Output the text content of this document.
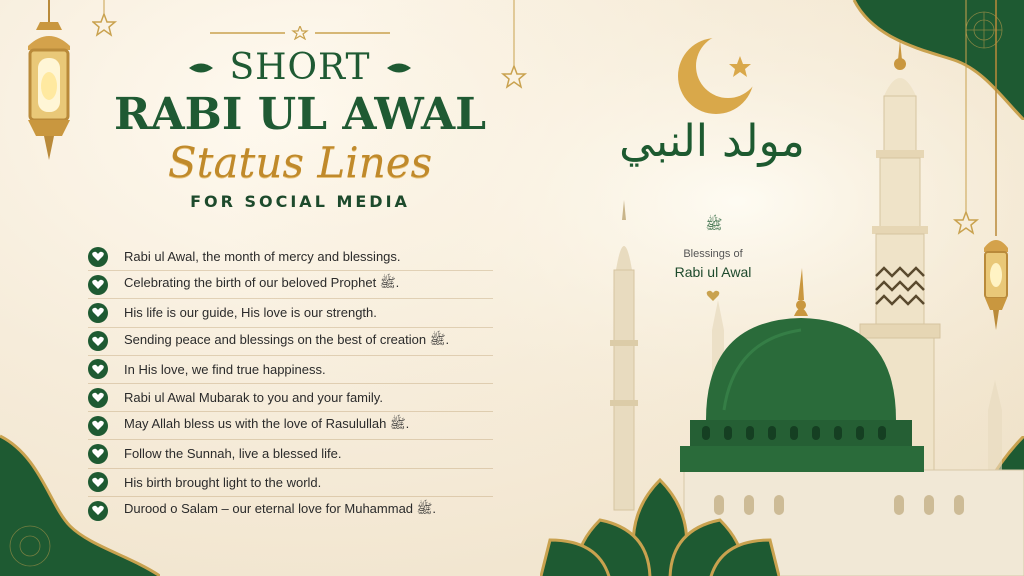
SHORT
RABI UL AWAL
Status Lines
FOR SOCIAL MEDIA
Rabi ul Awal, the month of mercy and blessings.
Celebrating the birth of our beloved Prophet ﷺ.
His life is our guide, His love is our strength.
Sending peace and blessings on the best of creation ﷺ.
In His love, we find true happiness.
Rabi ul Awal Mubarak to you and your family.
May Allah bless us with the love of Rasulullah ﷺ.
Follow the Sunnah, live a blessed life.
His birth brought light to the world.
Durood o Salam – our eternal love for Muhammad ﷺ.
مولد النبي
ﷺ
Blessings of
Rabi ul Awal
